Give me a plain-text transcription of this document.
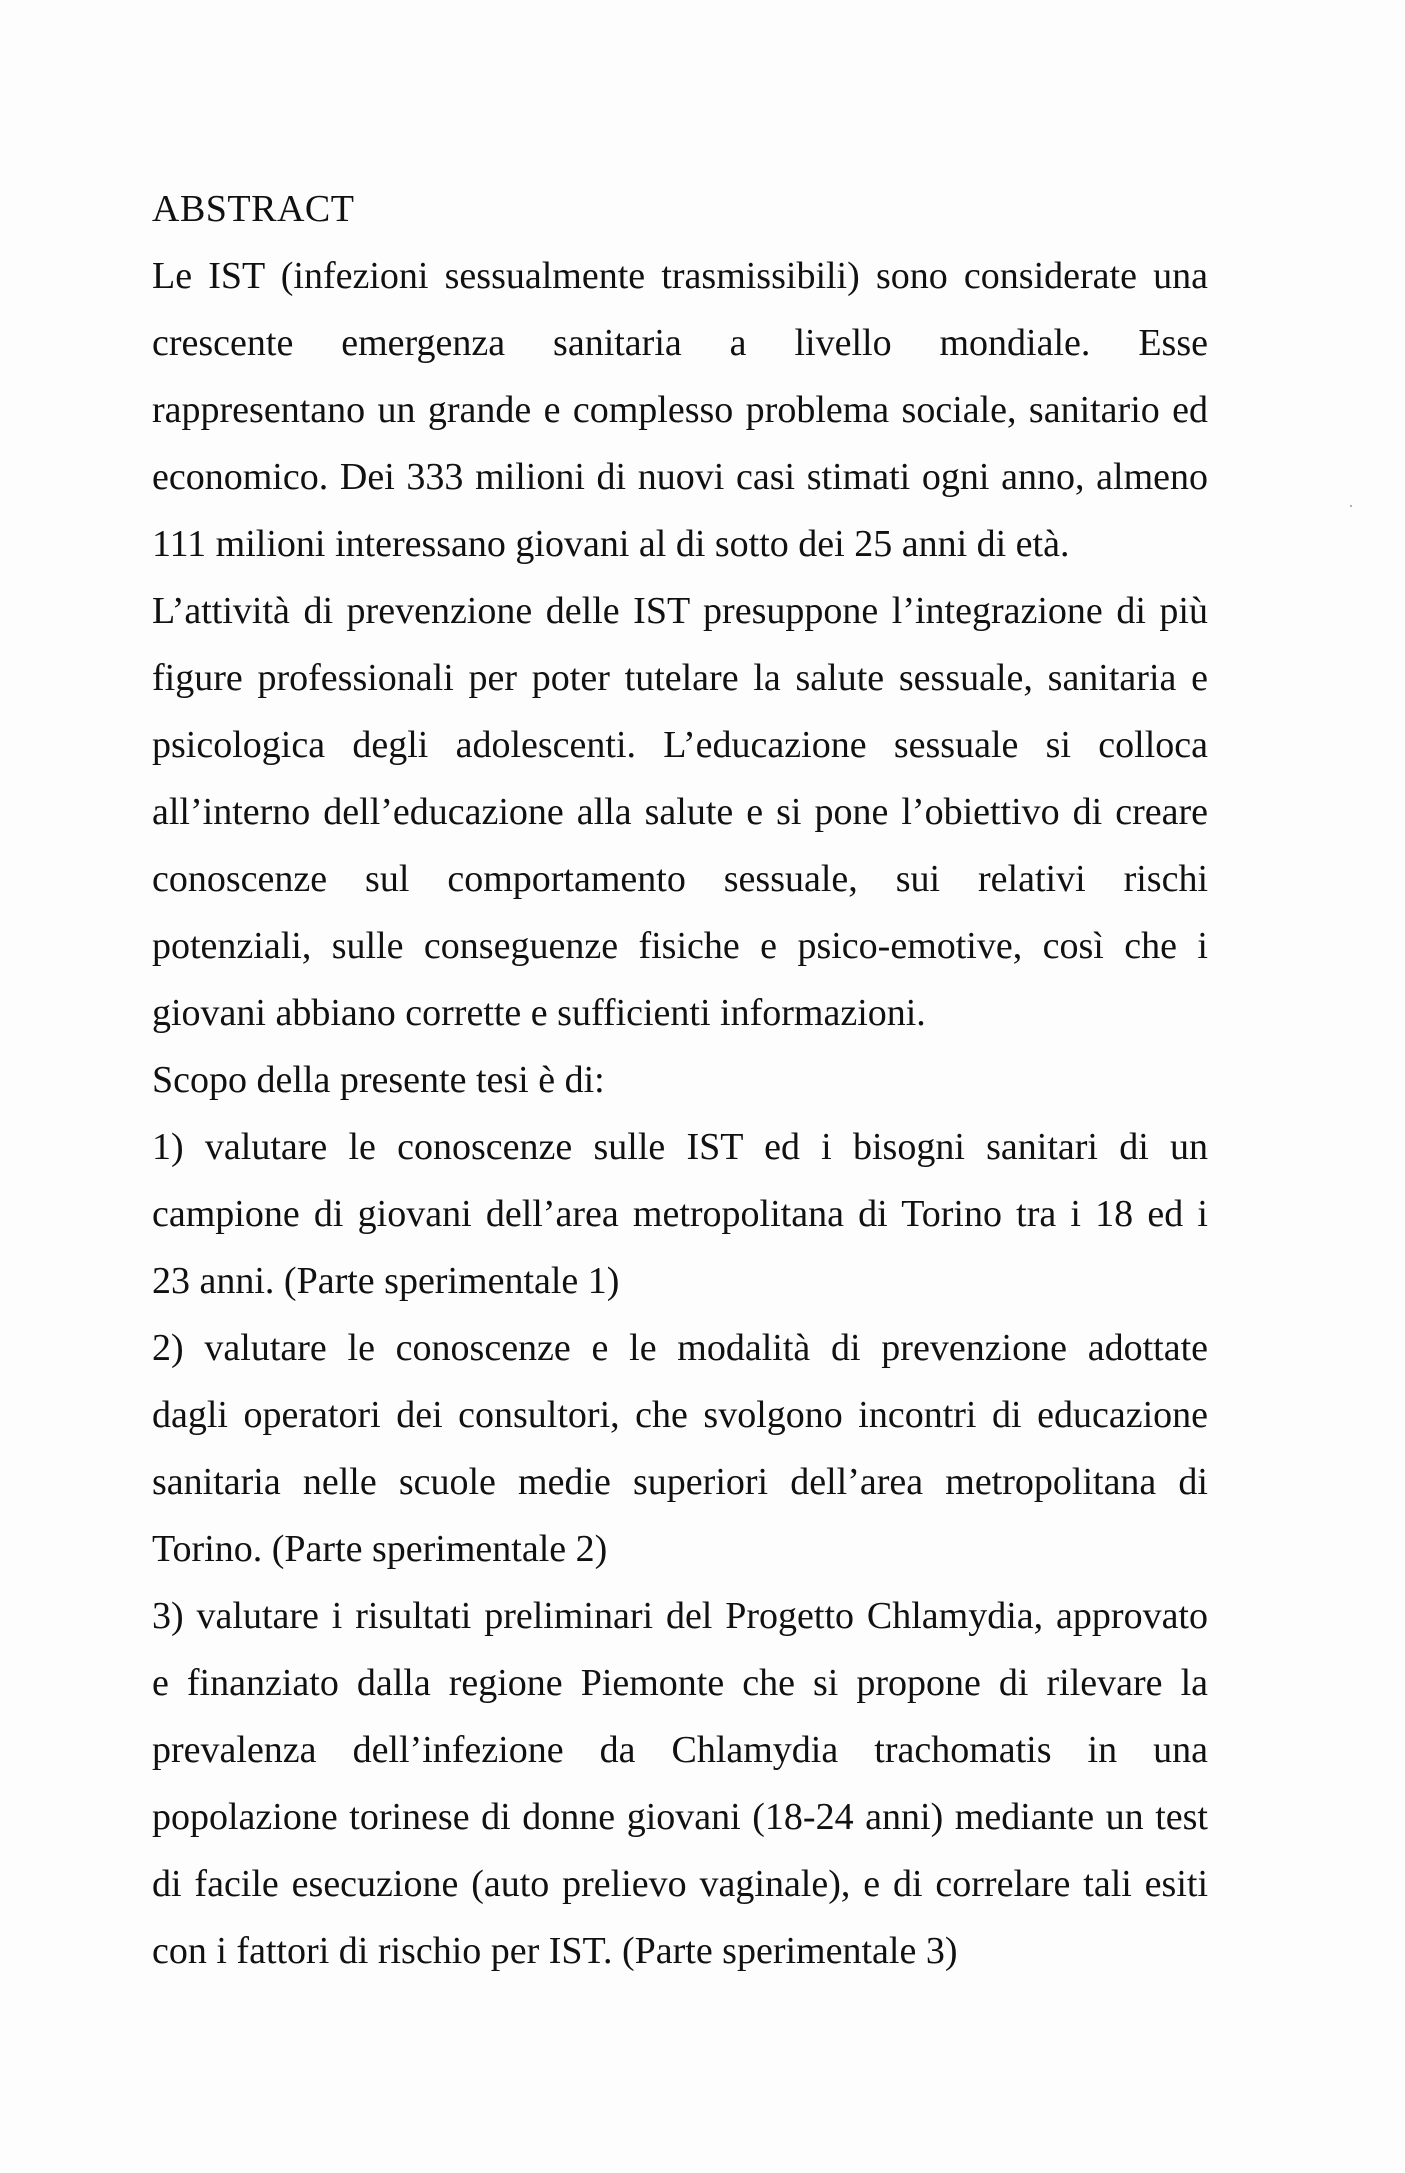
ABSTRACT

Le IST (infezioni sessualmente trasmissibili) sono considerate una
crescente emergenza sanitaria a livello mondiale. Esse
rappresentano un grande e complesso problema sociale, sanitario ed
economico. Dei 333 milioni di nuovi casi stimati ogni anno, almeno
111 milioni interessano giovani al di sotto dei 25 anni di età.

L’attività di prevenzione delle IST presuppone l’integrazione di più
figure professionali per poter tutelare la salute sessuale, sanitaria e
psicologica degli adolescenti. L’educazione sessuale si colloca
all’interno dell’educazione alla salute e si pone l’obiettivo di creare
conoscenze sul comportamento sessuale, sui relativi rischi
potenziali, sulle conseguenze fisiche e psico-emotive, così che i
giovani abbiano corrette e sufficienti informazioni.

Scopo della presente tesi è di:

1) valutare le conoscenze sulle IST ed i bisogni sanitari di un
campione di giovani dell’area metropolitana di Torino tra i 18 ed i
23 anni. (Parte sperimentale 1)

2) valutare le conoscenze e le modalità di prevenzione adottate
dagli operatori dei consultori, che svolgono incontri di educazione
sanitaria nelle scuole medie superiori dell’area metropolitana di
Torino. (Parte sperimentale 2)

3) valutare i risultati preliminari del Progetto Chlamydia, approvato
e finanziato dalla regione Piemonte che si propone di rilevare la
prevalenza dell’infezione da Chlamydia trachomatis in una
popolazione torinese di donne giovani (18-24 anni) mediante un test
di facile esecuzione (auto prelievo vaginale), e di correlare tali esiti
con i fattori di rischio per IST. (Parte sperimentale 3)
